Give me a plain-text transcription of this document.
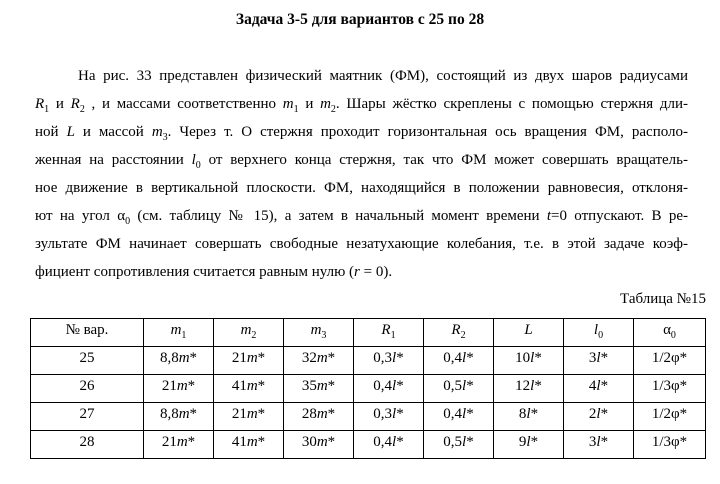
Задача 3-5 для вариантов с 25 по 28
На рис. 33 представлен физический маятник (ФМ), состоящий из двух шаров радиусами
$R_1$ и $R_2$ , и массами соответственно $m_1$ и $m_2$. Шары жёстко скреплены с помощью стержня дли-
ной L и массой $m_3$. Через т. О стержня проходит горизонтальная ось вращения ФМ, располо-
женная на расстоянии $l_0$ от верхнего конца стержня, так что ФМ может совершать вращатель-
ное движение в вертикальной плоскости. ФМ, находящийся в положении равновесия, отклоня-
ют на угол $\alpha_0$ (см. таблицу № 15), а затем в начальный момент времени t=0 отпускают. В ре-
зультате ФМ начинает совершать свободные незатухающие колебания, т.е. в этой задаче коэф-
фициент сопротивления считается равным нулю (r = 0).
Таблица №15
№ вар.	$m_1$	$m_2$	$m_3$	$R_1$	$R_2$	L	$l_0$	$\alpha_0$
25	8,8m*	21m*	32m*	0,3l*	0,4l*	10l*	3l*	1/2φ*
26	21m*	41m*	35m*	0,4l*	0,5l*	12l*	4l*	1/3φ*
27	8,8m*	21m*	28m*	0,3l*	0,4l*	8l*	2l*	1/2φ*
28	21m*	41m*	30m*	0,4l*	0,5l*	9l*	3l*	1/3φ*
